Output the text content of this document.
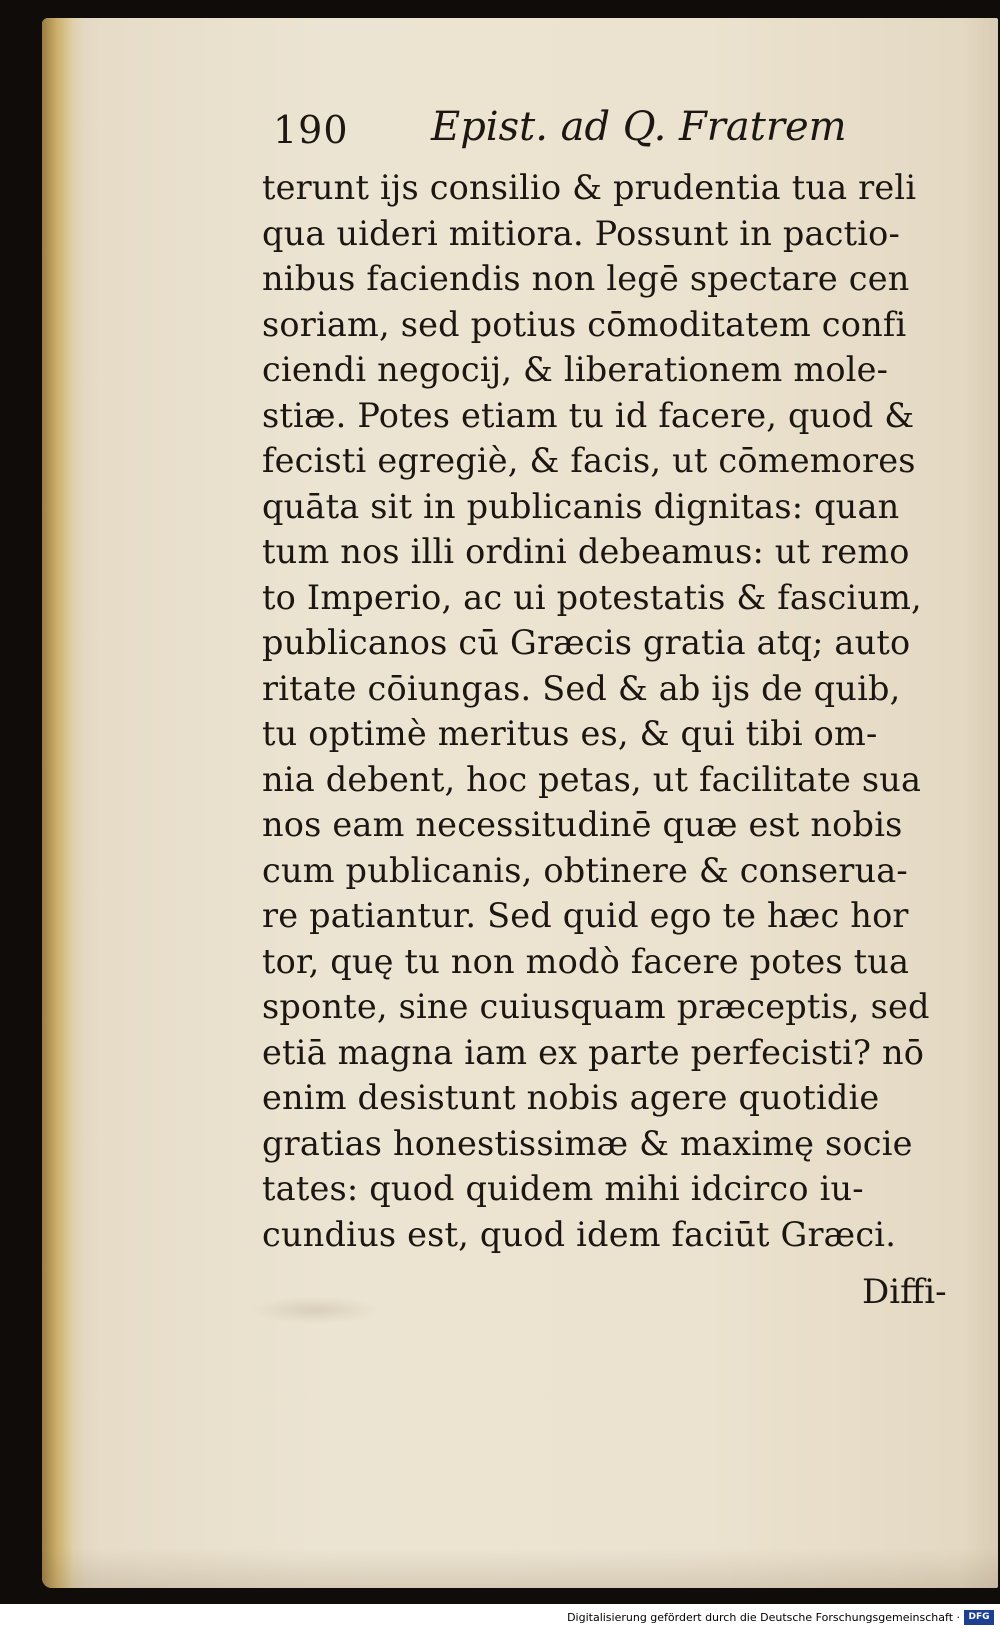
190 Epist. ad Q. Fratrem
terunt ijs consilio & prudentia tua reli
qua uideri mitiora. Possunt in pactio-
nibus faciendis non legē spectare cen
soriam, sed potius cōmoditatem confi
ciendi negocij, & liberationem mole-
stiæ. Potes etiam tu id facere, quod &
fecisti egregiè, & facis, ut cōmemores
quāta sit in publicanis dignitas: quan
tum nos illi ordini debeamus: ut remo
to Imperio, ac ui potestatis & fascium,
publicanos cū Græcis gratia atq; auto
ritate cōiungas. Sed & ab ijs de quib,
tu optimè meritus es, & qui tibi om-
nia debent, hoc petas, ut facilitate sua
nos eam necessitudinē quæ est nobis
cum publicanis, obtinere & conserua-
re patiantur. Sed quid ego te hæc hor
tor, quę tu non modò facere potes tua
sponte, sine cuiusquam præceptis, sed
etiā magna iam ex parte perfecisti? nō
enim desistunt nobis agere quotidie
gratias honestissimæ & maximę socie
tates: quod quidem mihi idcirco iu-
cundius est, quod idem faciūt Græci.
Diffi-
Digitalisierung gefördert durch die Deutsche Forschungsgemeinschaft · DFG
